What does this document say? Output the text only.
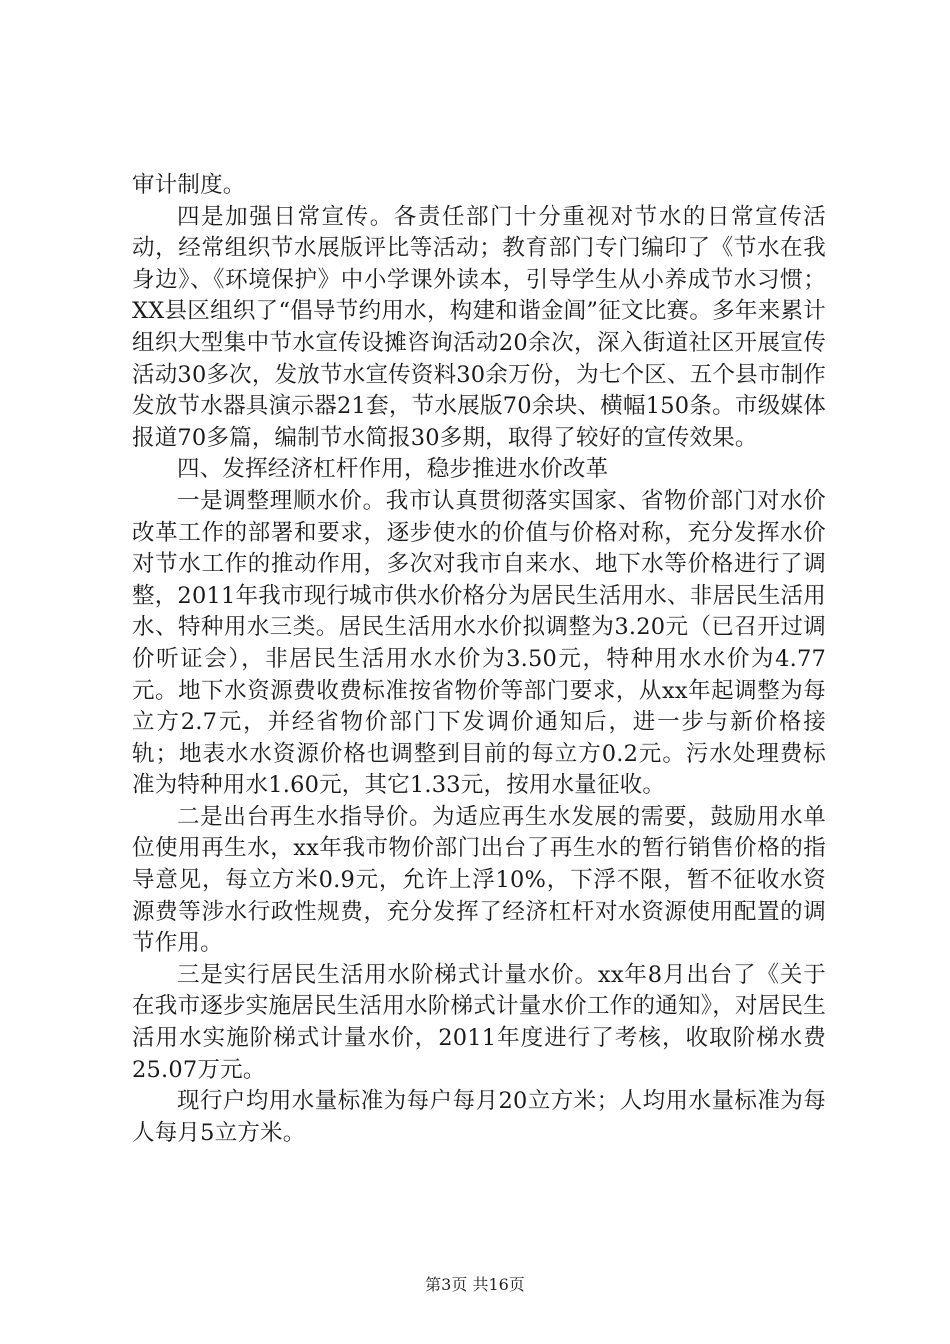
审计制度。

四是加强日常宣传。各责任部门十分重视对节水的日常宣传活动，经常组织节水展版评比等活动；教育部门专门编印了《节水在我身边》、《环境保护》中小学课外读本，引导学生从小养成节水习惯；XX县区组织了“倡导节约用水，构建和谐金阊”征文比赛。多年来累计组织大型集中节水宣传设摊咨询活动20余次，深入街道社区开展宣传活动30多次，发放节水宣传资料30余万份，为七个区、五个县市制作发放节水器具演示器21套，节水展版70余块、横幅150条。市级媒体报道70多篇，编制节水简报30多期，取得了较好的宣传效果。

四、发挥经济杠杆作用，稳步推进水价改革

一是调整理顺水价。我市认真贯彻落实国家、省物价部门对水价改革工作的部署和要求，逐步使水的价值与价格对称，充分发挥水价对节水工作的推动作用，多次对我市自来水、地下水等价格进行了调整，2011年我市现行城市供水价格分为居民生活用水、非居民生活用水、特种用水三类。居民生活用水水价拟调整为3.20元（已召开过调价听证会），非居民生活用水水价为3.50元，特种用水水价为4.77元。地下水资源费收费标准按省物价等部门要求，从xx年起调整为每立方2.7元，并经省物价部门下发调价通知后，进一步与新价格接轨；地表水水资源价格也调整到目前的每立方0.2元。污水处理费标准为特种用水1.60元，其它1.33元，按用水量征收。

二是出台再生水指导价。为适应再生水发展的需要，鼓励用水单位使用再生水，xx年我市物价部门出台了再生水的暂行销售价格的指导意见，每立方米0.9元，允许上浮10%，下浮不限，暂不征收水资源费等涉水行政性规费，充分发挥了经济杠杆对水资源使用配置的调节作用。

三是实行居民生活用水阶梯式计量水价。xx年8月出台了《关于在我市逐步实施居民生活用水阶梯式计量水价工作的通知》，对居民生活用水实施阶梯式计量水价，2011年度进行了考核，收取阶梯水费25.07万元。

现行户均用水量标准为每户每月20立方米；人均用水量标准为每人每月5立方米。

第3页 共16页
